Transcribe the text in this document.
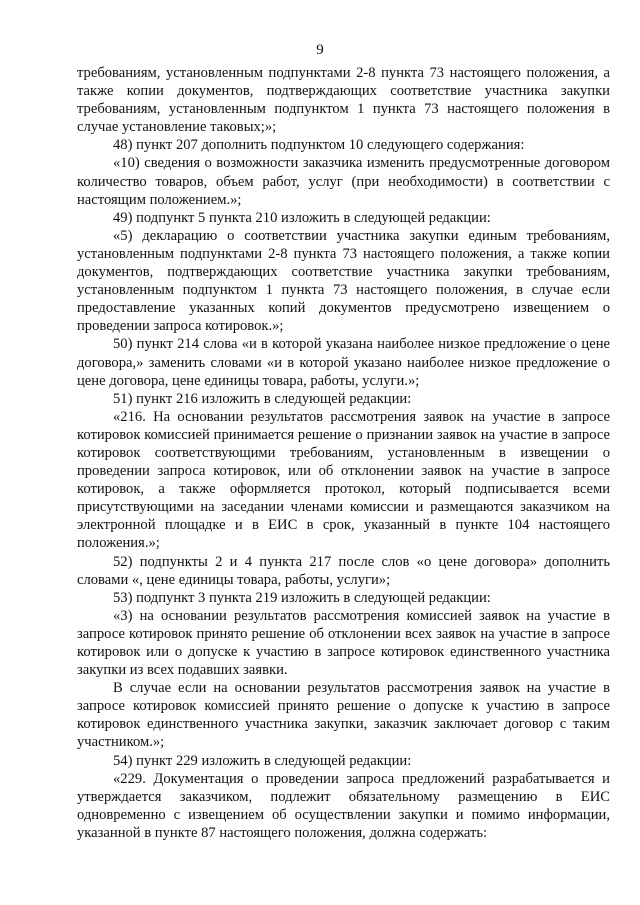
9

требованиям, установленным подпунктами 2-8 пункта 73 настоящего положения, а также копии документов, подтверждающих соответствие участника закупки требованиям, установленным подпунктом 1 пункта 73 настоящего положения в случае установление таковых;»;

48) пункт 207 дополнить подпунктом 10 следующего содержания:

«10) сведения о возможности заказчика изменить предусмотренные договором количество товаров, объем работ, услуг (при необходимости) в соответствии с настоящим положением.»;

49) подпункт 5 пункта 210 изложить в следующей редакции:

«5) декларацию о соответствии участника закупки единым требованиям, установленным подпунктами 2-8 пункта 73 настоящего положения, а также копии документов, подтверждающих соответствие участника закупки требованиям, установленным подпунктом 1 пункта 73 настоящего положения, в случае если предоставление указанных копий документов предусмотрено извещением о проведении запроса котировок.»;

50) пункт 214 слова «и в которой указана наиболее низкое предложение о цене договора,» заменить словами «и в которой указано наиболее низкое предложение о цене договора, цене единицы товара, работы, услуги.»;

51) пункт 216 изложить в следующей редакции:

«216. На основании результатов рассмотрения заявок на участие в запросе котировок комиссией принимается решение о признании заявок на участие в запросе котировок соответствующими требованиям, установленным в извещении о проведении запроса котировок, или об отклонении заявок на участие в запросе котировок, а также оформляется протокол, который подписывается всеми присутствующими на заседании членами комиссии и размещаются заказчиком на электронной площадке и в ЕИС в срок, указанный в пункте 104 настоящего положения.»;

52) подпункты 2 и 4 пункта 217 после слов «о цене договора» дополнить словами «, цене единицы товара, работы, услуги»;

53) подпункт 3 пункта 219 изложить в следующей редакции:

«3) на основании результатов рассмотрения комиссией заявок на участие в запросе котировок принято решение об отклонении всех заявок на участие в запросе котировок или о допуске к участию в запросе котировок единственного участника закупки из всех подавших заявки.

В случае если на основании результатов рассмотрения заявок на участие в запросе котировок комиссией принято решение о допуске к участию в запросе котировок единственного участника закупки, заказчик заключает договор с таким участником.»;

54) пункт 229 изложить в следующей редакции:

«229. Документация о проведении запроса предложений разрабатывается и утверждается заказчиком, подлежит обязательному размещению в ЕИС одновременно с извещением об осуществлении закупки и помимо информации, указанной в пункте 87 настоящего положения, должна содержать:
